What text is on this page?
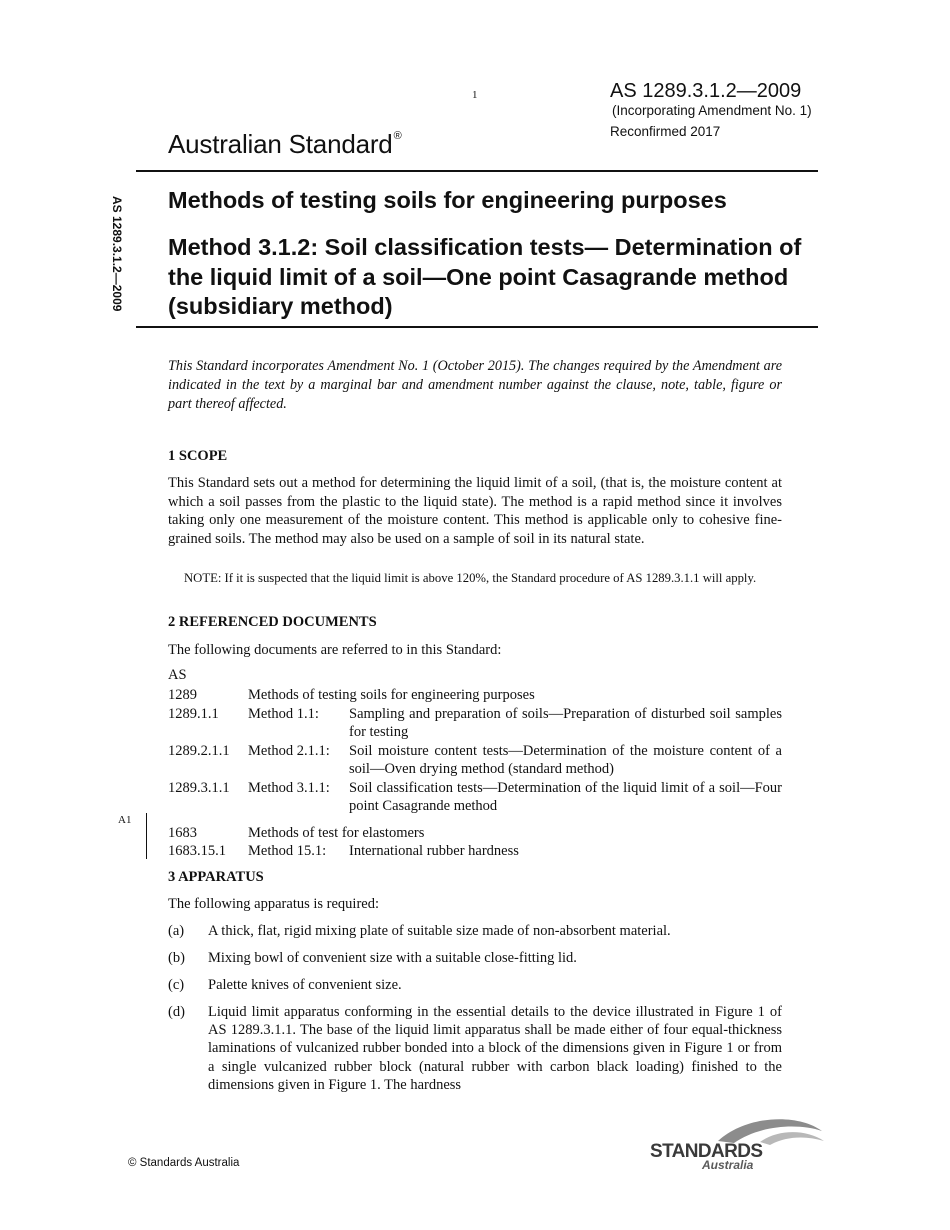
1	AS 1289.3.1.2—2009
(Incorporating Amendment No. 1)
Reconfirmed 2017
Australian Standard®
AS 1289.3.1.2—2009 Methods of testing soils for engineering purposes
Method 3.1.2: Soil classification tests— Determination of the liquid limit of a soil—One point Casagrande method (subsidiary method)
This Standard incorporates Amendment No. 1 (October 2015). The changes required by the Amendment are indicated in the text by a marginal bar and amendment number against the clause, note, table, figure or part thereof affected.
1 SCOPE
This Standard sets out a method for determining the liquid limit of a soil, (that is, the moisture content at which a soil passes from the plastic to the liquid state). The method is a rapid method since it involves taking only one measurement of the moisture content. This method is applicable only to cohesive fine-grained soils. The method may also be used on a sample of soil in its natural state.
NOTE: If it is suspected that the liquid limit is above 120%, the Standard procedure of AS 1289.3.1.1 will apply.
2 REFERENCED DOCUMENTS
The following documents are referred to in this Standard:
AS
1289	Methods of testing soils for engineering purposes
1289.1.1	Method 1.1:	Sampling and preparation of soils—Preparation of disturbed soil samples for testing
1289.2.1.1	Method 2.1.1:	Soil moisture content tests—Determination of the moisture content of a soil—Oven drying method (standard method)
1289.3.1.1	Method 3.1.1:	Soil classification tests—Determination of the liquid limit of a soil—Four point Casagrande method
1683	Methods of test for elastomers
1683.15.1	Method 15.1:	International rubber hardness
A1
3 APPARATUS
The following apparatus is required:
(a)	A thick, flat, rigid mixing plate of suitable size made of non-absorbent material.
(b)	Mixing bowl of convenient size with a suitable close-fitting lid.
(c)	Palette knives of convenient size.
(d)	Liquid limit apparatus conforming in the essential details to the device illustrated in Figure 1 of AS 1289.3.1.1. The base of the liquid limit apparatus shall be made either of four equal-thickness laminations of vulcanized rubber bonded into a block of the dimensions given in Figure 1 or from a single vulcanized rubber block (natural rubber with carbon black loading) finished to the dimensions given in Figure 1. The hardness
© Standards Australia
STANDARDS
Australia
